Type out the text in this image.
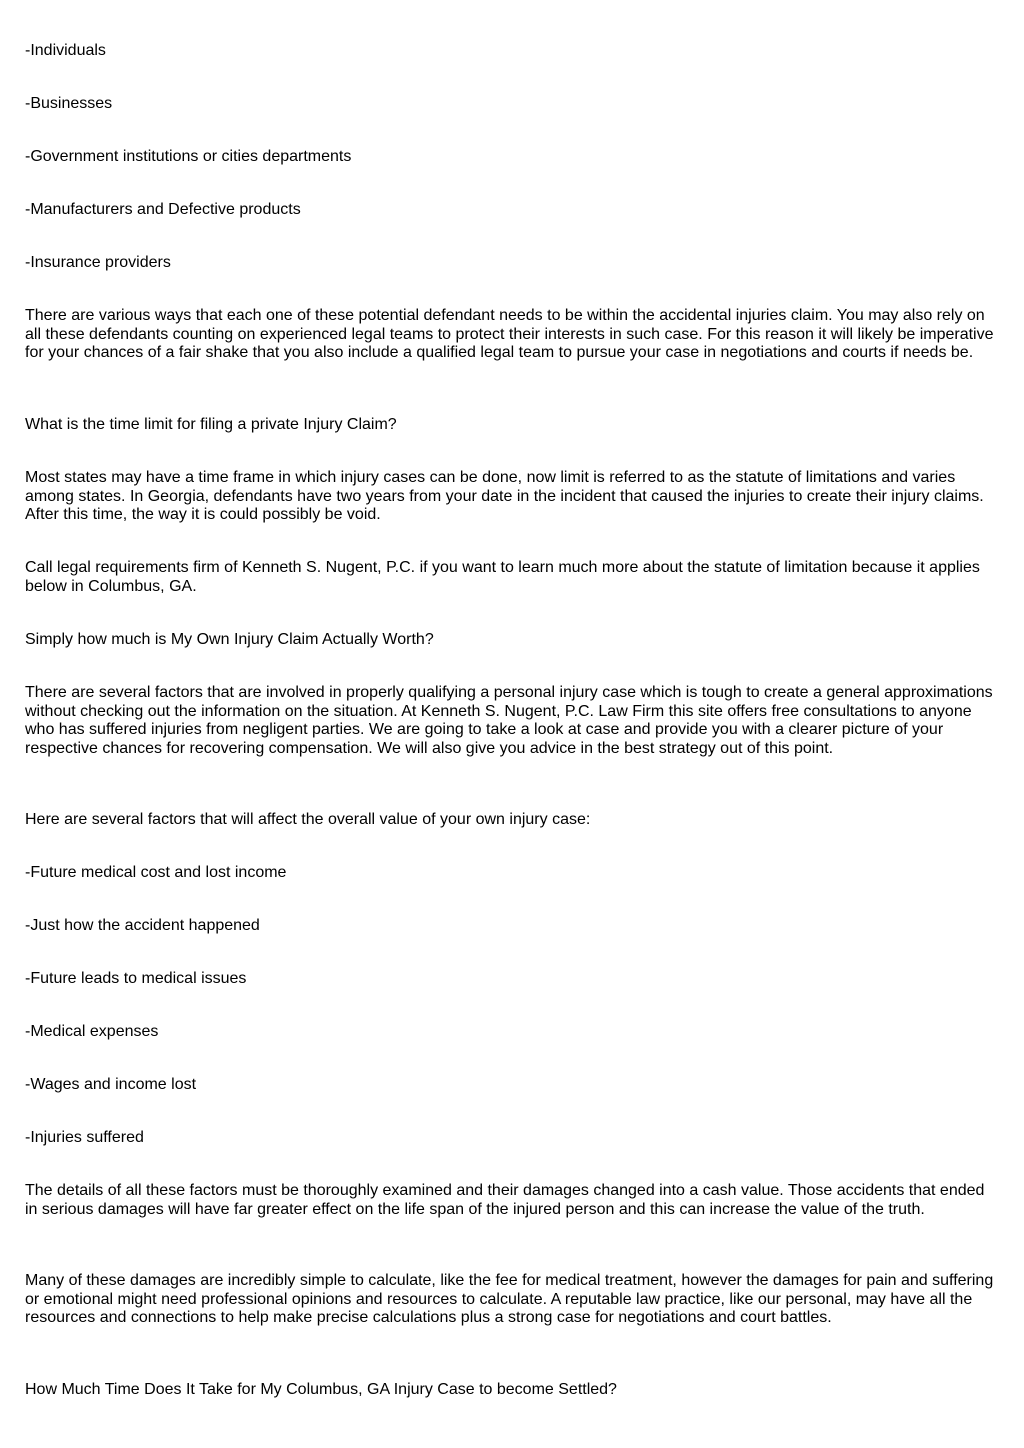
-Individuals

-Businesses

-Government institutions or cities departments

-Manufacturers and Defective products

-Insurance providers

There are various ways that each one of these potential defendant needs to be within the accidental injuries claim. You may also rely on all these defendants counting on experienced legal teams to protect their interests in such case. For this reason it will likely be imperative for your chances of a fair shake that you also include a qualified legal team to pursue your case in negotiations and courts if needs be.

What is the time limit for filing a private Injury Claim?

Most states may have a time frame in which injury cases can be done, now limit is referred to as the statute of limitations and varies among states. In Georgia, defendants have two years from your date in the incident that caused the injuries to create their injury claims. After this time, the way it is could possibly be void.

Call legal requirements firm of Kenneth S. Nugent, P.C. if you want to learn much more about the statute of limitation because it applies below in Columbus, GA.

Simply how much is My Own Injury Claim Actually Worth?

There are several factors that are involved in properly qualifying a personal injury case which is tough to create a general approximations without checking out the information on the situation. At Kenneth S. Nugent, P.C. Law Firm this site offers free consultations to anyone who has suffered injuries from negligent parties. We are going to take a look at case and provide you with a clearer picture of your respective chances for recovering compensation. We will also give you advice in the best strategy out of this point.

Here are several factors that will affect the overall value of your own injury case:

-Future medical cost and lost income

-Just how the accident happened

-Future leads to medical issues

-Medical expenses

-Wages and income lost

-Injuries suffered

The details of all these factors must be thoroughly examined and their damages changed into a cash value. Those accidents that ended in serious damages will have far greater effect on the life span of the injured person and this can increase the value of the truth.

Many of these damages are incredibly simple to calculate, like the fee for medical treatment, however the damages for pain and suffering or emotional might need professional opinions and resources to calculate. A reputable law practice, like our personal, may have all the resources and connections to help make precise calculations plus a strong case for negotiations and court battles.

How Much Time Does It Take for My Columbus, GA Injury Case to become Settled?
